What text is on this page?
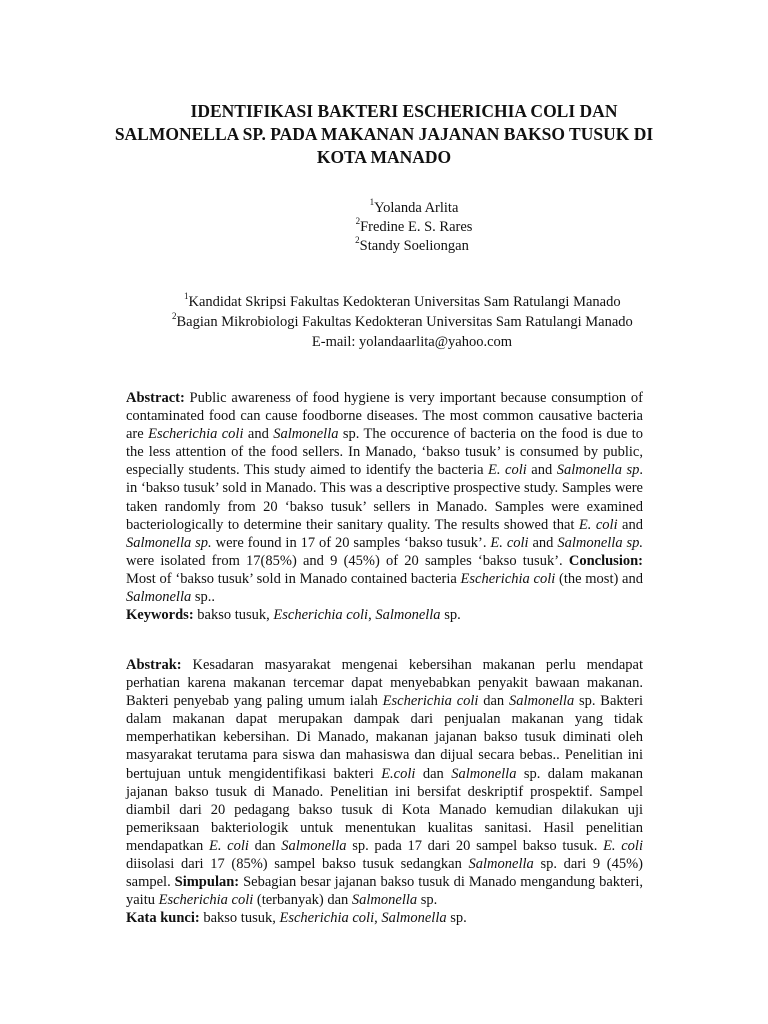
IDENTIFIKASI BAKTERI ESCHERICHIA COLI DAN
SALMONELLA SP. PADA MAKANAN JAJANAN BAKSO TUSUK DI
KOTA MANADO
$^1$Yolanda Arlita
$^2$Fredine E. S. Rares
$^2$Standy Soeliongan
$^1$Kandidat Skripsi Fakultas Kedokteran Universitas Sam Ratulangi Manado
$^2$Bagian Mikrobiologi Fakultas Kedokteran Universitas Sam Ratulangi Manado
E-mail: yolandaarlita@yahoo.com

Abstract: Public awareness of food hygiene is very important because consumption of contaminated food can cause foodborne diseases. The most common causative bacteria are Escherichia coli and Salmonella sp. The occurence of bacteria on the food is due to the less attention of the food sellers. In Manado, ‘bakso tusuk’ is consumed by public, especially students. This study aimed to identify the bacteria E. coli and Salmonella sp. in ‘bakso tusuk’ sold in Manado. This was a descriptive prospective study. Samples were taken randomly from 20 ‘bakso tusuk’ sellers in Manado. Samples were examined bacteriologically to determine their sanitary quality. The results showed that E. coli and Salmonella sp. were found in 17 of 20 samples ‘bakso tusuk’. E. coli and Salmonella sp. were isolated from 17(85%) and 9 (45%) of 20 samples ‘bakso tusuk’. Conclusion: Most of ‘bakso tusuk’ sold in Manado contained bacteria Escherichia coli (the most) and Salmonella sp..

Keywords: bakso tusuk, Escherichia coli, Salmonella sp.

Abstrak: Kesadaran masyarakat mengenai kebersihan makanan perlu mendapat perhatian karena makanan tercemar dapat menyebabkan penyakit bawaan makanan. Bakteri penyebab yang paling umum ialah Escherichia coli dan Salmonella sp. Bakteri dalam makanan dapat merupakan dampak dari penjualan makanan yang tidak memperhatikan kebersihan. Di Manado, makanan jajanan bakso tusuk diminati oleh masyarakat terutama para siswa dan mahasiswa dan dijual secara bebas.. Penelitian ini bertujuan untuk mengidentifikasi bakteri E.coli dan Salmonella sp. dalam makanan jajanan bakso tusuk di Manado. Penelitian ini bersifat deskriptif prospektif. Sampel diambil dari 20 pedagang bakso tusuk di Kota Manado kemudian dilakukan uji pemeriksaan bakteriologik untuk menentukan kualitas sanitasi. Hasil penelitian mendapatkan E. coli dan Salmonella sp. pada 17 dari 20 sampel bakso tusuk. E. coli diisolasi dari 17 (85%) sampel bakso tusuk sedangkan Salmonella sp. dari 9 (45%) sampel. Simpulan: Sebagian besar jajanan bakso tusuk di Manado mengandung bakteri, yaitu Escherichia coli (terbanyak) dan Salmonella sp.

Kata kunci: bakso tusuk, Escherichia coli, Salmonella sp.
